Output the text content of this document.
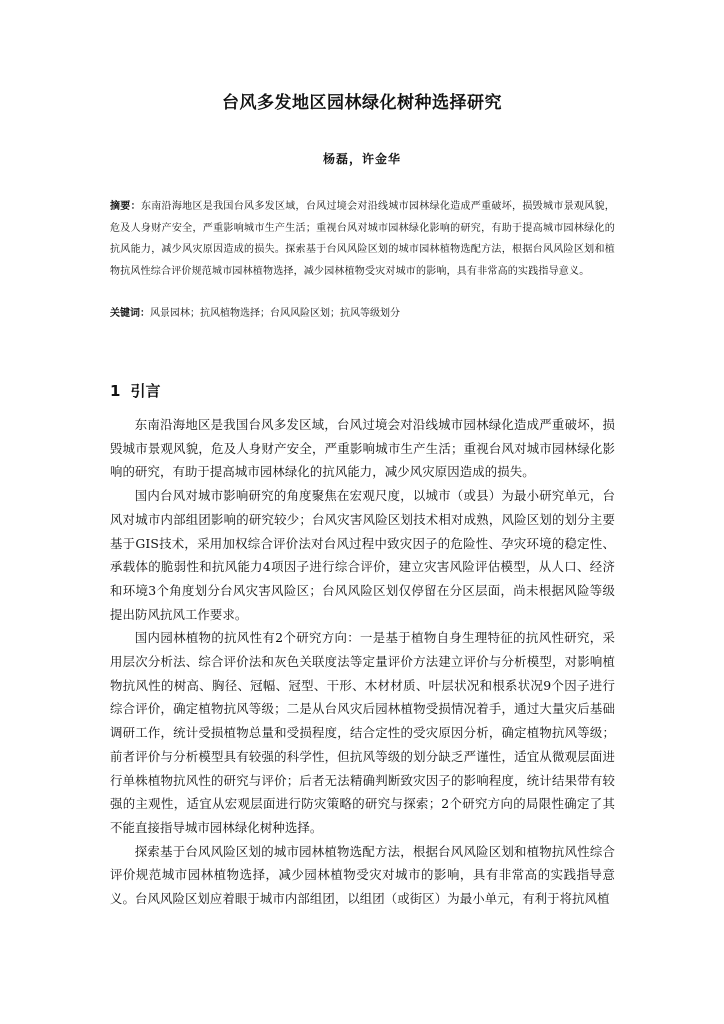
台风多发地区园林绿化树种选择研究
杨磊，许金华
摘要：东南沿海地区是我国台风多发区域，台风过境会对沿线城市园林绿化造成严重破坏，损毁城市景观风貌，危及人身财产安全，严重影响城市生产生活；重视台风对城市园林绿化影响的研究，有助于提高城市园林绿化的抗风能力，减少风灾原因造成的损失。探索基于台风风险区划的城市园林植物选配方法，根据台风风险区划和植物抗风性综合评价规范城市园林植物选择，减少园林植物受灾对城市的影响，具有非常高的实践指导意义。
关键词：风景园林；抗风植物选择；台风风险区划；抗风等级划分
1 引言

东南沿海地区是我国台风多发区域，台风过境会对沿线城市园林绿化造成严重破坏，损毁城市景观风貌，危及人身财产安全，严重影响城市生产生活；重视台风对城市园林绿化影响的研究，有助于提高城市园林绿化的抗风能力，减少风灾原因造成的损失。

国内台风对城市影响研究的角度聚焦在宏观尺度，以城市（或县）为最小研究单元，台风对城市内部组团影响的研究较少；台风灾害风险区划技术相对成熟，风险区划的划分主要基于GIS技术，采用加权综合评价法对台风过程中致灾因子的危险性、孕灾环境的稳定性、承载体的脆弱性和抗风能力4项因子进行综合评价，建立灾害风险评估模型，从人口、经济和环境3个角度划分台风灾害风险区；台风风险区划仅停留在分区层面，尚未根据风险等级提出防风抗风工作要求。

国内园林植物的抗风性有2个研究方向：一是基于植物自身生理特征的抗风性研究，采用层次分析法、综合评价法和灰色关联度法等定量评价方法建立评价与分析模型，对影响植物抗风性的树高、胸径、冠幅、冠型、干形、木材材质、叶层状况和根系状况9个因子进行综合评价，确定植物抗风等级；二是从台风灾后园林植物受损情况着手，通过大量灾后基础调研工作，统计受损植物总量和受损程度，结合定性的受灾原因分析，确定植物抗风等级；前者评价与分析模型具有较强的科学性，但抗风等级的划分缺乏严谨性，适宜从微观层面进行单株植物抗风性的研究与评价；后者无法精确判断致灾因子的影响程度，统计结果带有较强的主观性，适宜从宏观层面进行防灾策略的研究与探索；2个研究方向的局限性确定了其不能直接指导城市园林绿化树种选择。

探索基于台风风险区划的城市园林植物选配方法，根据台风风险区划和植物抗风性综合评价规范城市园林植物选择，减少园林植物受灾对城市的影响，具有非常高的实践指导意义。台风风险区划应着眼于城市内部组团，以组团（或街区）为最小单元，有利于将抗风植
